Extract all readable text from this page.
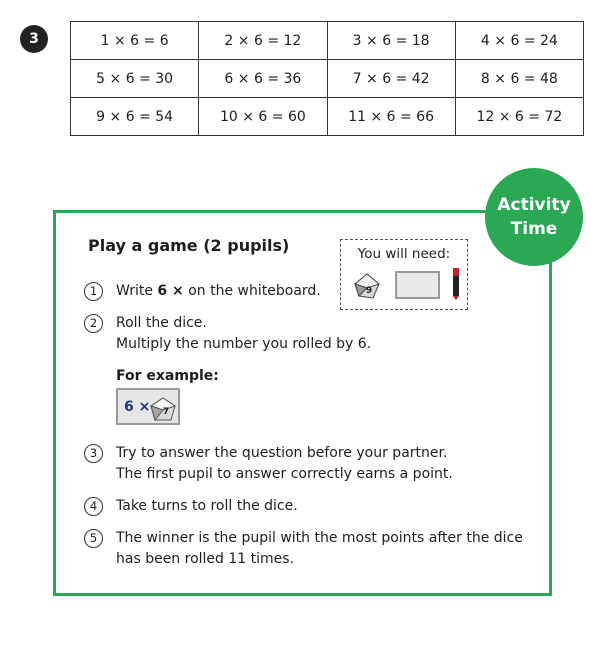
3	1 × 6 = 6	2 × 6 = 12	3 × 6 = 18	4 × 6 = 24
5 × 6 = 30	6 × 6 = 36	7 × 6 = 42	8 × 6 = 48
9 × 6 = 54	10 × 6 = 60	11 × 6 = 66	12 × 6 = 72
Activity
Time
Play a game (2 pupils)	You will need:
9
1	Write 6 × on the whiteboard.
2	Roll the dice.
Multiply the number you rolled by 6.
For example:
6 × 7
3	Try to answer the question before your partner.
The first pupil to answer correctly earns a point.
4	Take turns to roll the dice.
5	The winner is the pupil with the most points after the dice
has been rolled 11 times.
